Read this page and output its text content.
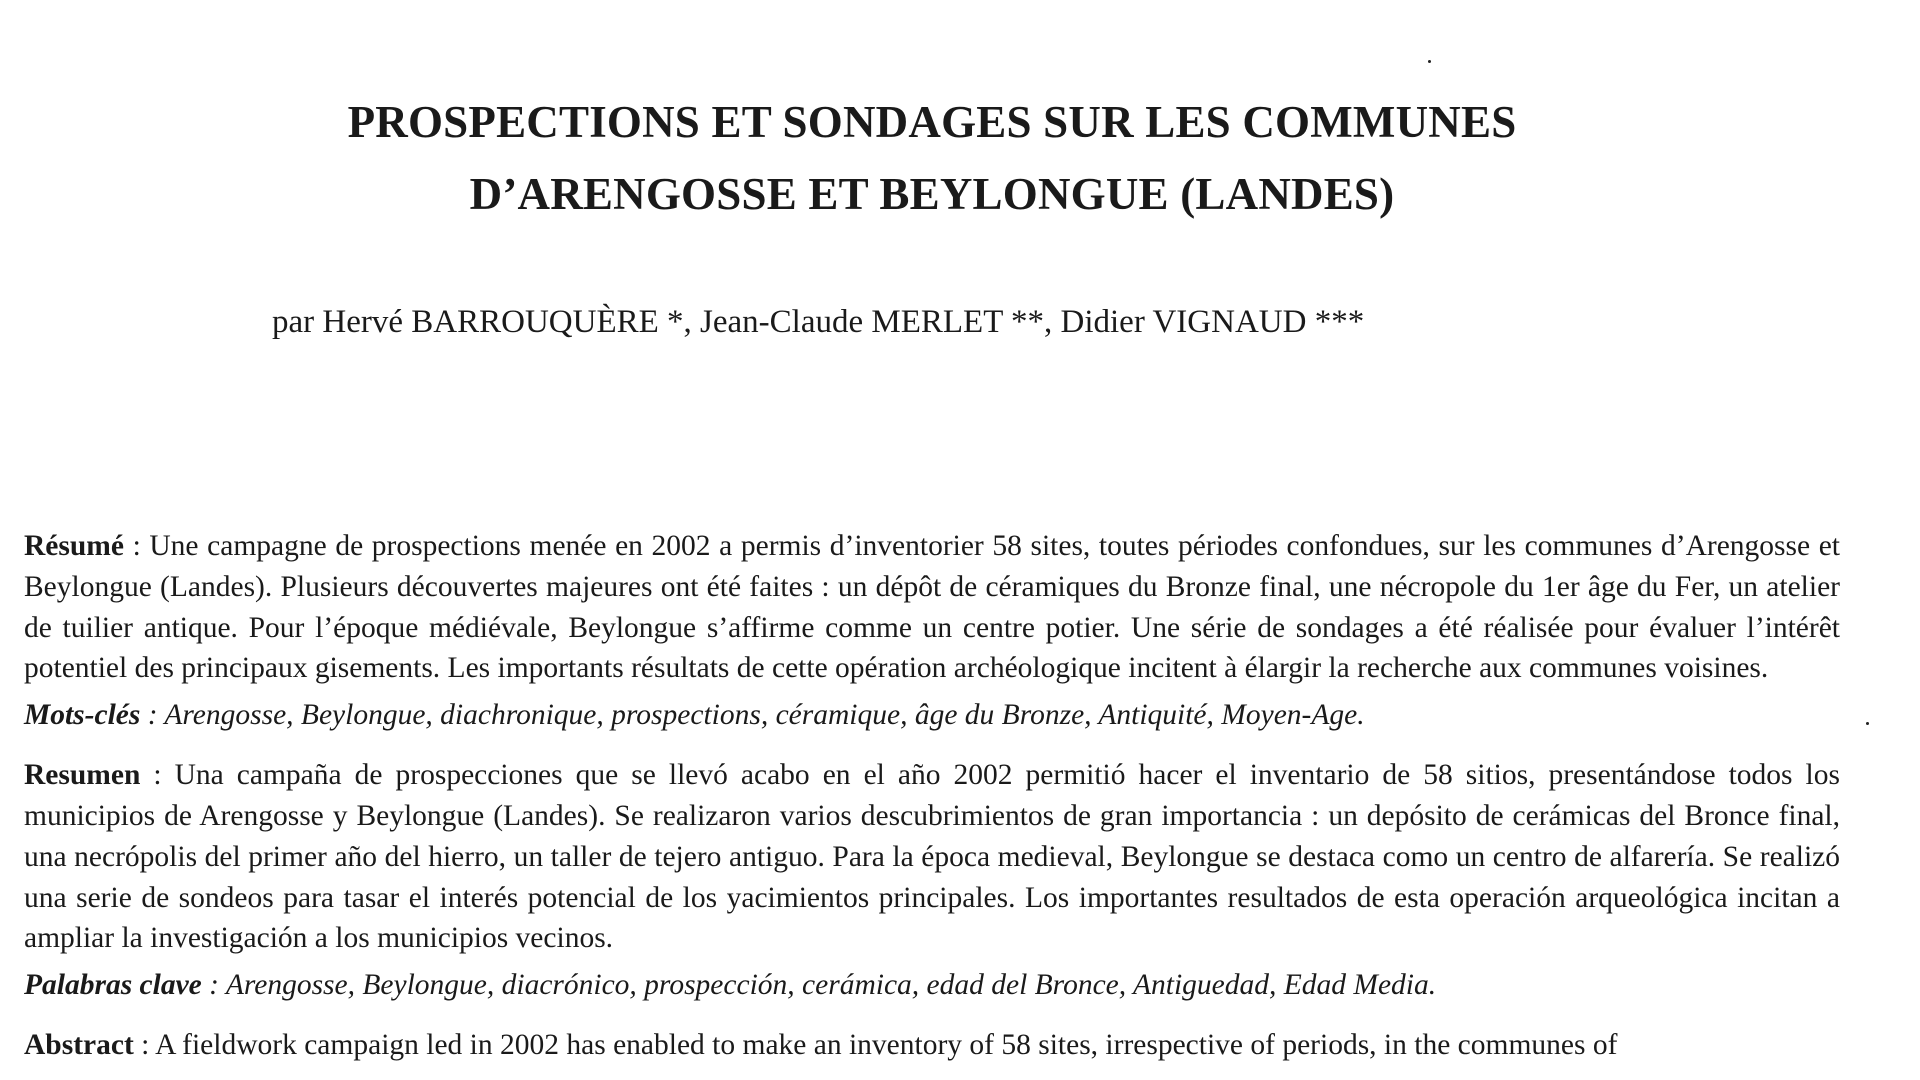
PROSPECTIONS ET SONDAGES SUR LES COMMUNES
D’ARENGOSSE ET BEYLONGUE (LANDES)

par Hervé BARROUQUÈRE *, Jean-Claude MERLET **, Didier VIGNAUD ***

Résumé : Une campagne de prospections menée en 2002 a permis d’inventorier 58 sites, toutes périodes confondues, sur les communes d’Arengosse et Beylongue (Landes). Plusieurs découvertes majeures ont été faites : un dépôt de céramiques du Bronze final, une nécropole du 1er âge du Fer, un atelier de tuilier antique. Pour l’époque médiévale, Beylongue s’affirme comme un centre potier. Une série de sondages a été réalisée pour évaluer l’intérêt potentiel des principaux gisements. Les importants résultats de cette opération archéologique incitent à élargir la recherche aux communes voisines.

Mots-clés : Arengosse, Beylongue, diachronique, prospections, céramique, âge du Bronze, Antiquité, Moyen-Age.

Resumen : Una campaña de prospecciones que se llevó acabo en el año 2002 permitió hacer el inventario de 58 sitios, presentándose todos los municipios de Arengosse y Beylongue (Landes). Se realizaron varios descubrimientos de gran importancia : un depósito de cerámicas del Bronce final, una necrópolis del primer año del hierro, un taller de tejero antiguo. Para la época medieval, Beylongue se destaca como un centro de alfarería. Se realizó una serie de sondeos para tasar el interés potencial de los yacimientos principales. Los importantes resultados de esta operación arqueológica incitan a ampliar la investigación a los municipios vecinos.

Palabras clave : Arengosse, Beylongue, diacrónico, prospección, cerámica, edad del Bronce, Antiguedad, Edad Media.

Abstract : A fieldwork campaign led in 2002 has enabled to make an inventory of 58 sites, irrespective of periods, in the communes of
